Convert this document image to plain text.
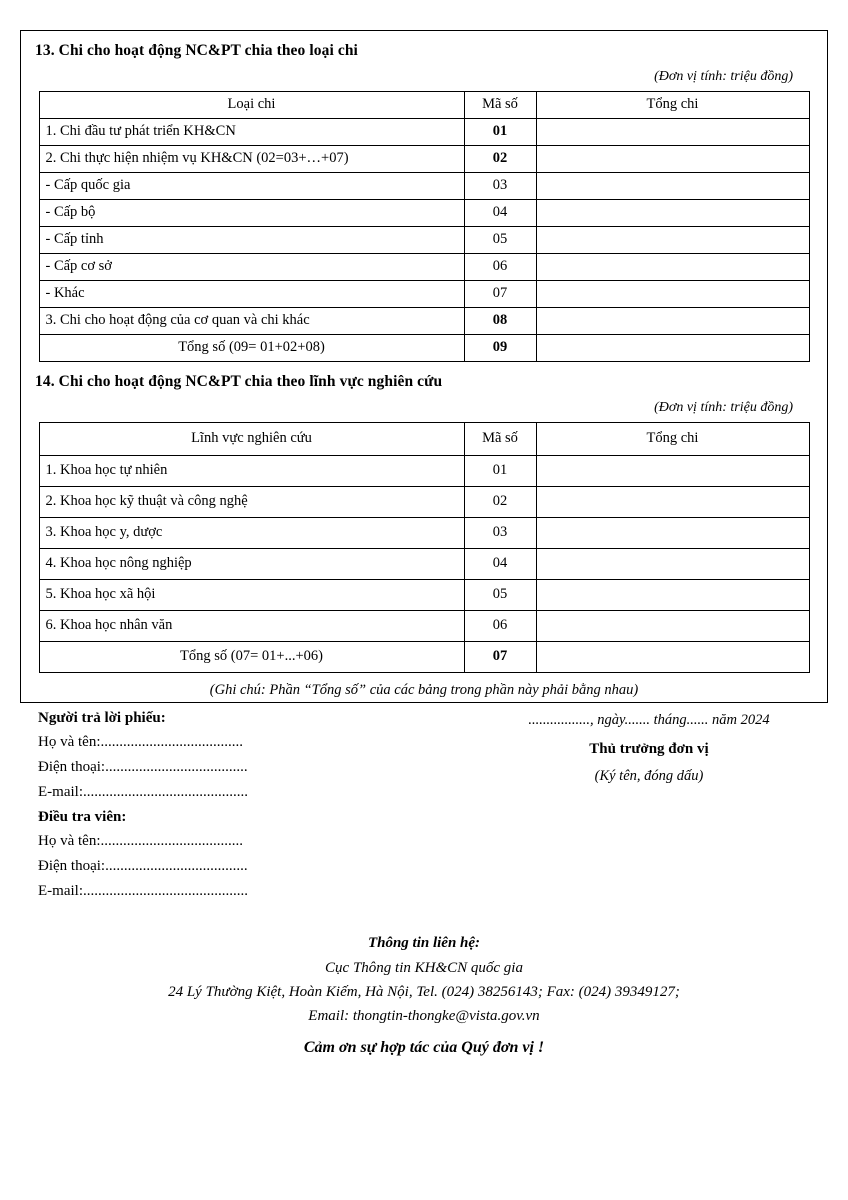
13. Chi cho hoạt động NC&PT chia theo loại chi
(Đơn vị tính: triệu đồng)
Loại chi	Mã số	Tổng chi
1. Chi đầu tư phát triển KH&CN	01	
2. Chi thực hiện nhiệm vụ KH&CN (02=03+…+07)	02	
- Cấp quốc gia	03	
- Cấp bộ	04	
- Cấp tỉnh	05	
- Cấp cơ sở	06	
- Khác	07	
3. Chi cho hoạt động của cơ quan và chi khác	08	
Tổng số (09= 01+02+08)	09	
14. Chi cho hoạt động NC&PT chia theo lĩnh vực nghiên cứu
(Đơn vị tính: triệu đồng)
Lĩnh vực nghiên cứu	Mã số	Tổng chi
1. Khoa học tự nhiên	01	
2. Khoa học kỹ thuật và công nghệ	02	
3. Khoa học y, dược	03	
4. Khoa học nông nghiệp	04	
5. Khoa học xã hội	05	
6. Khoa học nhân văn	06	
Tổng số (07= 01+...+06)	07	
(Ghi chú: Phần “Tổng số” của các bảng trong phần này phải bằng nhau)
Người trả lời phiếu:
Họ và tên:......................................
Điện thoại:......................................
E-mail:............................................
Điều tra viên:
Họ và tên:......................................
Điện thoại:......................................
E-mail:............................................
................., ngày....... tháng...... năm 2024
Thủ trưởng đơn vị
(Ký tên, đóng dấu)
Thông tin liên hệ:
Cục Thông tin KH&CN quốc gia
24 Lý Thường Kiệt, Hoàn Kiếm, Hà Nội, Tel. (024) 38256143; Fax: (024) 39349127;
Email: thongtin-thongke@vista.gov.vn
Cảm ơn sự hợp tác của Quý đơn vị !
